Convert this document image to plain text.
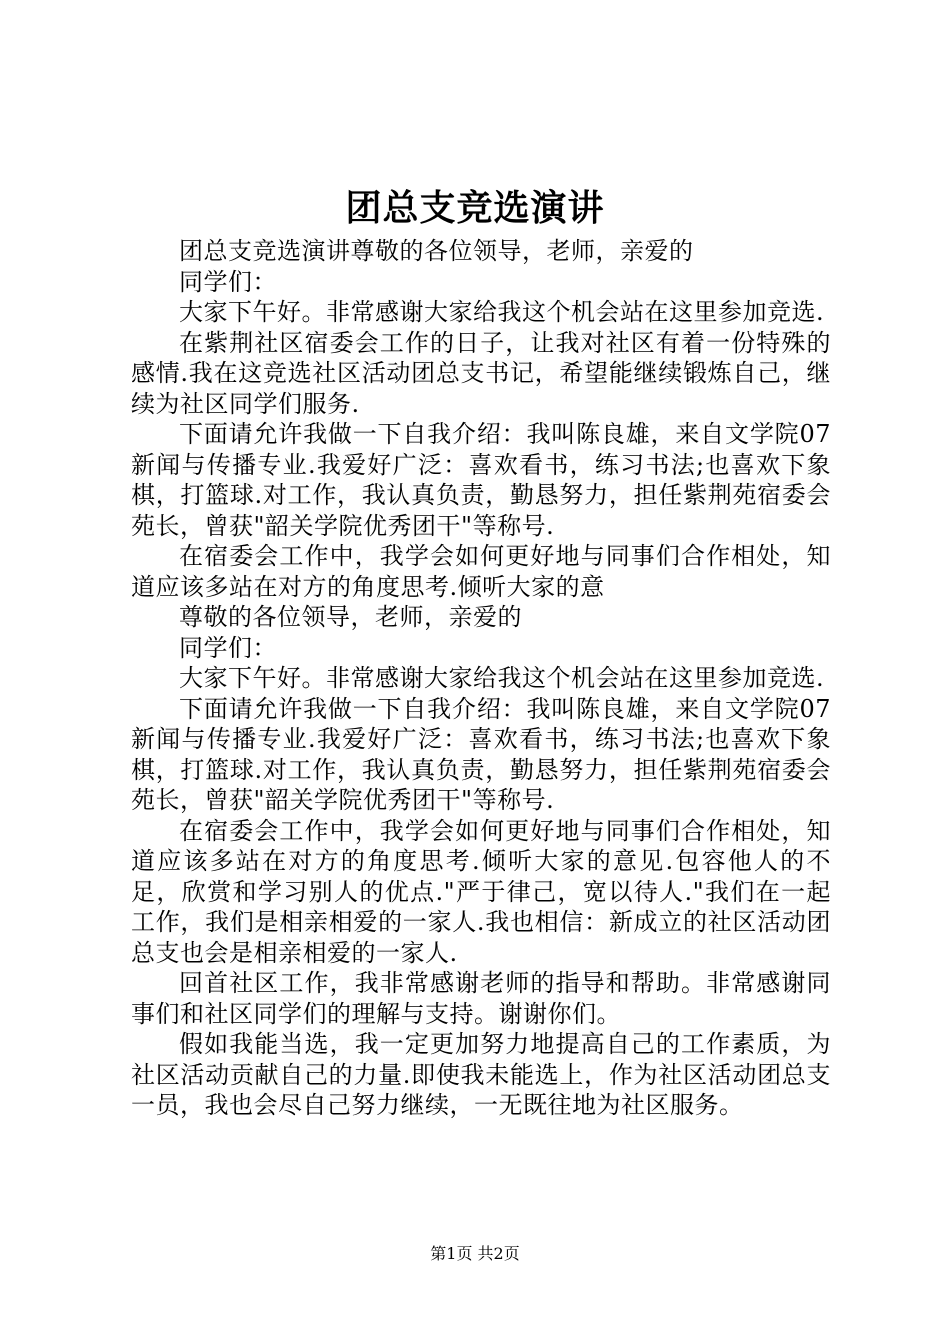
团总支竞选演讲

团总支竞选演讲尊敬的各位领导，老师，亲爱的

同学们：

大家下午好。非常感谢大家给我这个机会站在这里参加竞选.

在紫荆社区宿委会工作的日子，让我对社区有着一份特殊的感情.我在这竞选社区活动团总支书记，希望能继续锻炼自己，继续为社区同学们服务.

下面请允许我做一下自我介绍：我叫陈良雄，来自文学院07新闻与传播专业.我爱好广泛：喜欢看书，练习书法;也喜欢下象棋，打篮球.对工作，我认真负责，勤恳努力，担任紫荆苑宿委会苑长，曾获"韶关学院优秀团干"等称号.

在宿委会工作中，我学会如何更好地与同事们合作相处，知道应该多站在对方的角度思考.倾听大家的意

尊敬的各位领导，老师，亲爱的

同学们：

大家下午好。非常感谢大家给我这个机会站在这里参加竞选.

下面请允许我做一下自我介绍：我叫陈良雄，来自文学院07新闻与传播专业.我爱好广泛：喜欢看书，练习书法;也喜欢下象棋，打篮球.对工作，我认真负责，勤恳努力，担任紫荆苑宿委会苑长，曾获"韶关学院优秀团干"等称号.

在宿委会工作中，我学会如何更好地与同事们合作相处，知道应该多站在对方的角度思考.倾听大家的意见.包容他人的不足，欣赏和学习别人的优点."严于律己，宽以待人."我们在一起工作，我们是相亲相爱的一家人.我也相信：新成立的社区活动团总支也会是相亲相爱的一家人.

回首社区工作，我非常感谢老师的指导和帮助。非常感谢同事们和社区同学们的理解与支持。谢谢你们。

假如我能当选，我一定更加努力地提高自己的工作素质，为社区活动贡献自己的力量.即使我未能选上，作为社区活动团总支一员，我也会尽自己努力继续，一无既往地为社区服务。

第1页 共2页
